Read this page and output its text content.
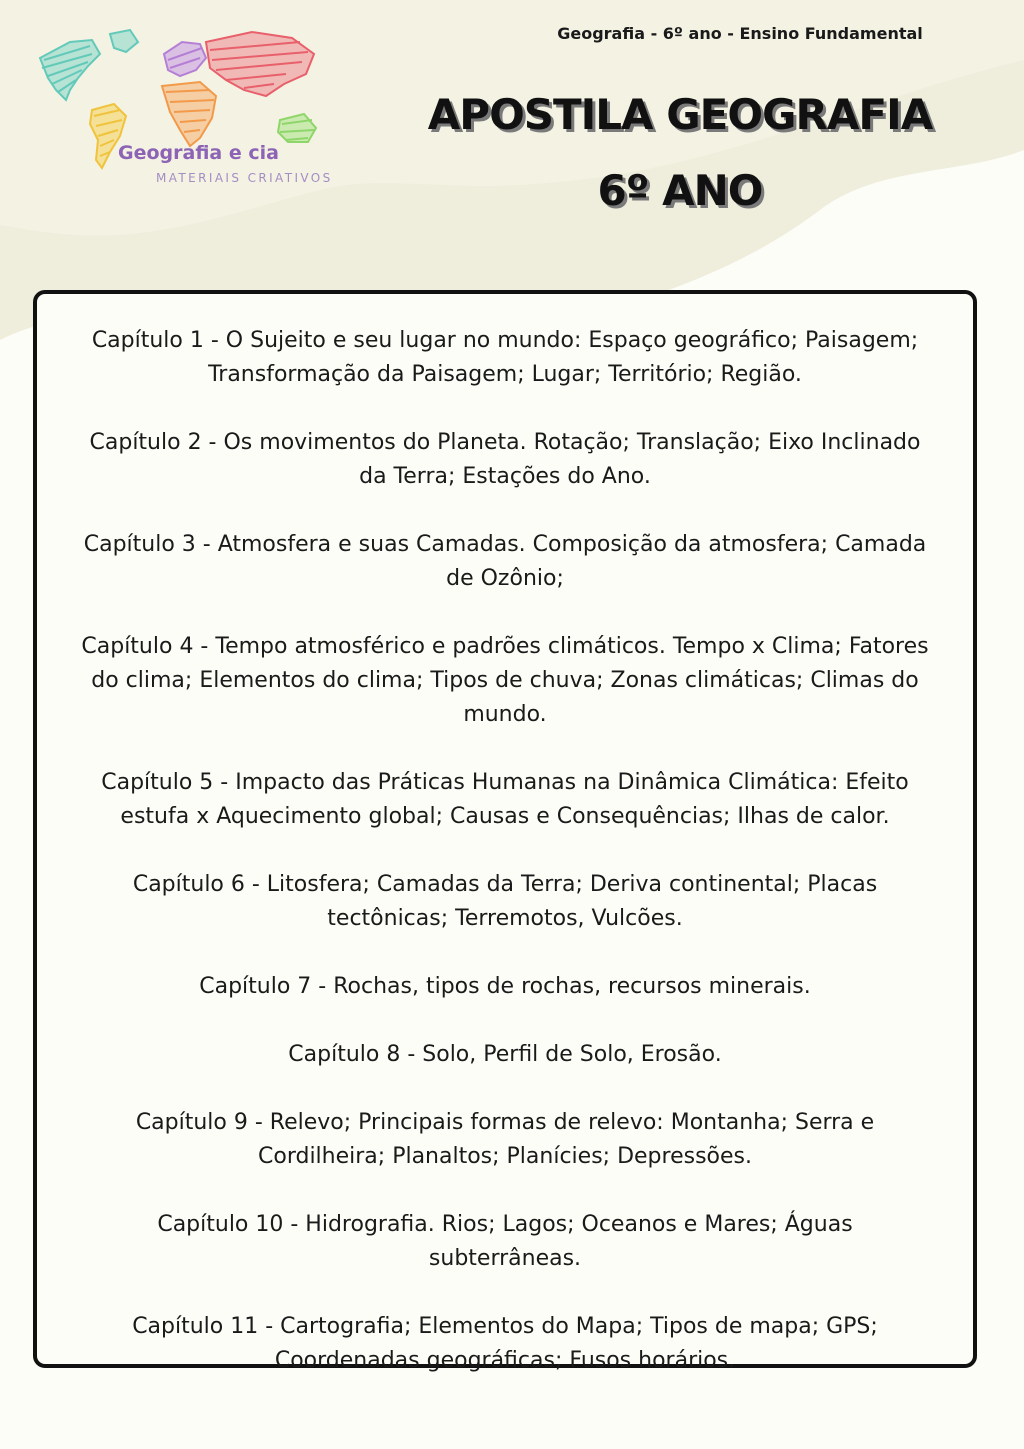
Geografia e cia
MATERIAIS CRIATIVOS
Geografia - 6º ano - Ensino Fundamental
APOSTILA GEOGRAFIA
6º ANO

Capítulo 1 - O Sujeito e seu lugar no mundo: Espaço geográfico; Paisagem; Transformação da Paisagem; Lugar; Território; Região.

Capítulo 2 - Os movimentos do Planeta. Rotação; Translação; Eixo Inclinado da Terra; Estações do Ano.

Capítulo 3 - Atmosfera e suas Camadas. Composição da atmosfera; Camada de Ozônio;

Capítulo 4 - Tempo atmosférico e padrões climáticos. Tempo x Clima; Fatores do clima; Elementos do clima; Tipos de chuva; Zonas climáticas; Climas do mundo.

Capítulo 5 - Impacto das Práticas Humanas na Dinâmica Climática: Efeito estufa x Aquecimento global; Causas e Consequências; Ilhas de calor.

Capítulo 6 - Litosfera; Camadas da Terra; Deriva continental; Placas tectônicas; Terremotos, Vulcões.

Capítulo 7 - Rochas, tipos de rochas, recursos minerais.

Capítulo 8 - Solo, Perfil de Solo, Erosão.

Capítulo 9 - Relevo; Principais formas de relevo: Montanha; Serra e Cordilheira; Planaltos; Planícies; Depressões.

Capítulo 10 - Hidrografia. Rios; Lagos; Oceanos e Mares; Águas subterrâneas.

Capítulo 11 - Cartografia; Elementos do Mapa; Tipos de mapa; GPS; Coordenadas geográficas; Fusos horários.
